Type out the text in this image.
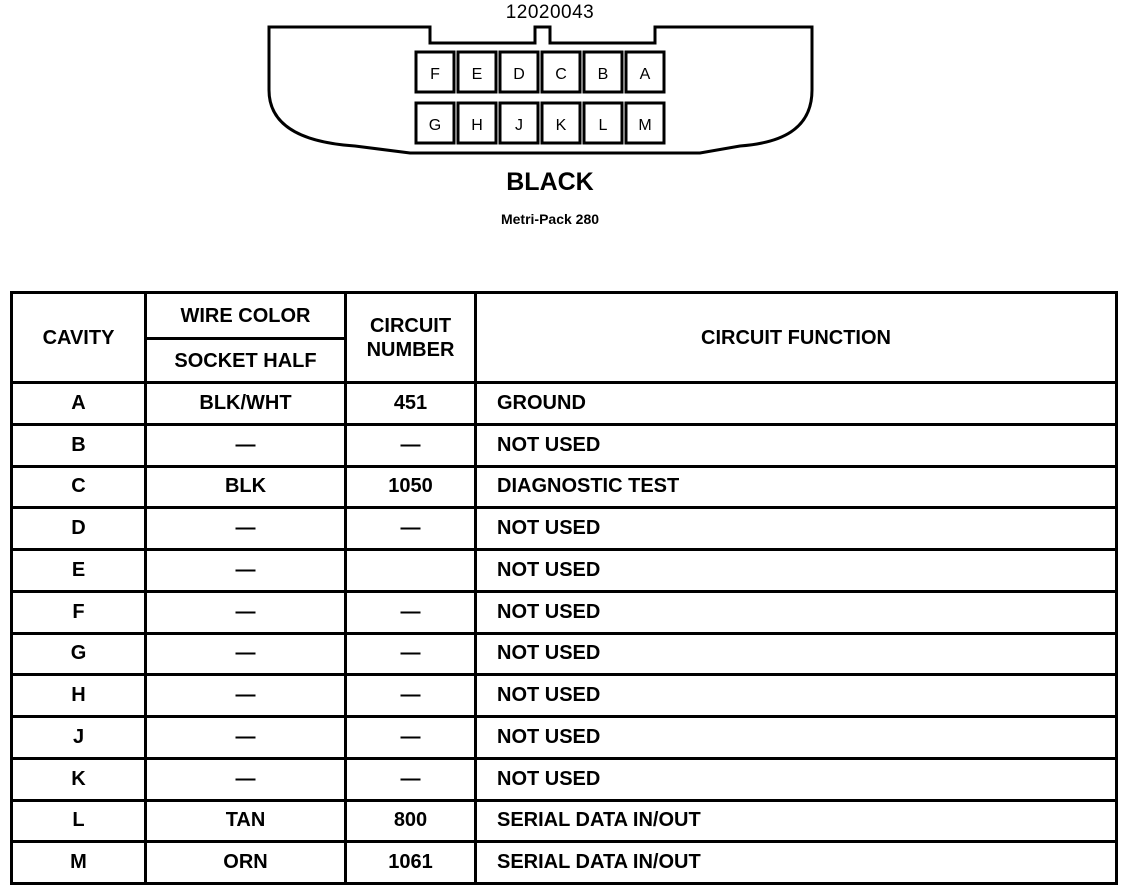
12020043
F E D C B A
G H J K L M
BLACK
Metri-Pack 280
CAVITY	WIRE COLOR	CIRCUIT NUMBER	CIRCUIT FUNCTION
	SOCKET HALF		
A	BLK/WHT	451	GROUND
B	—	—	NOT USED
C	BLK	1050	DIAGNOSTIC TEST
D	—	—	NOT USED
E	—		NOT USED
F	—	—	NOT USED
G	—	—	NOT USED
H	—	—	NOT USED
J	—	—	NOT USED
K	—	—	NOT USED
L	TAN	800	SERIAL DATA IN/OUT
M	ORN	1061	SERIAL DATA IN/OUT
